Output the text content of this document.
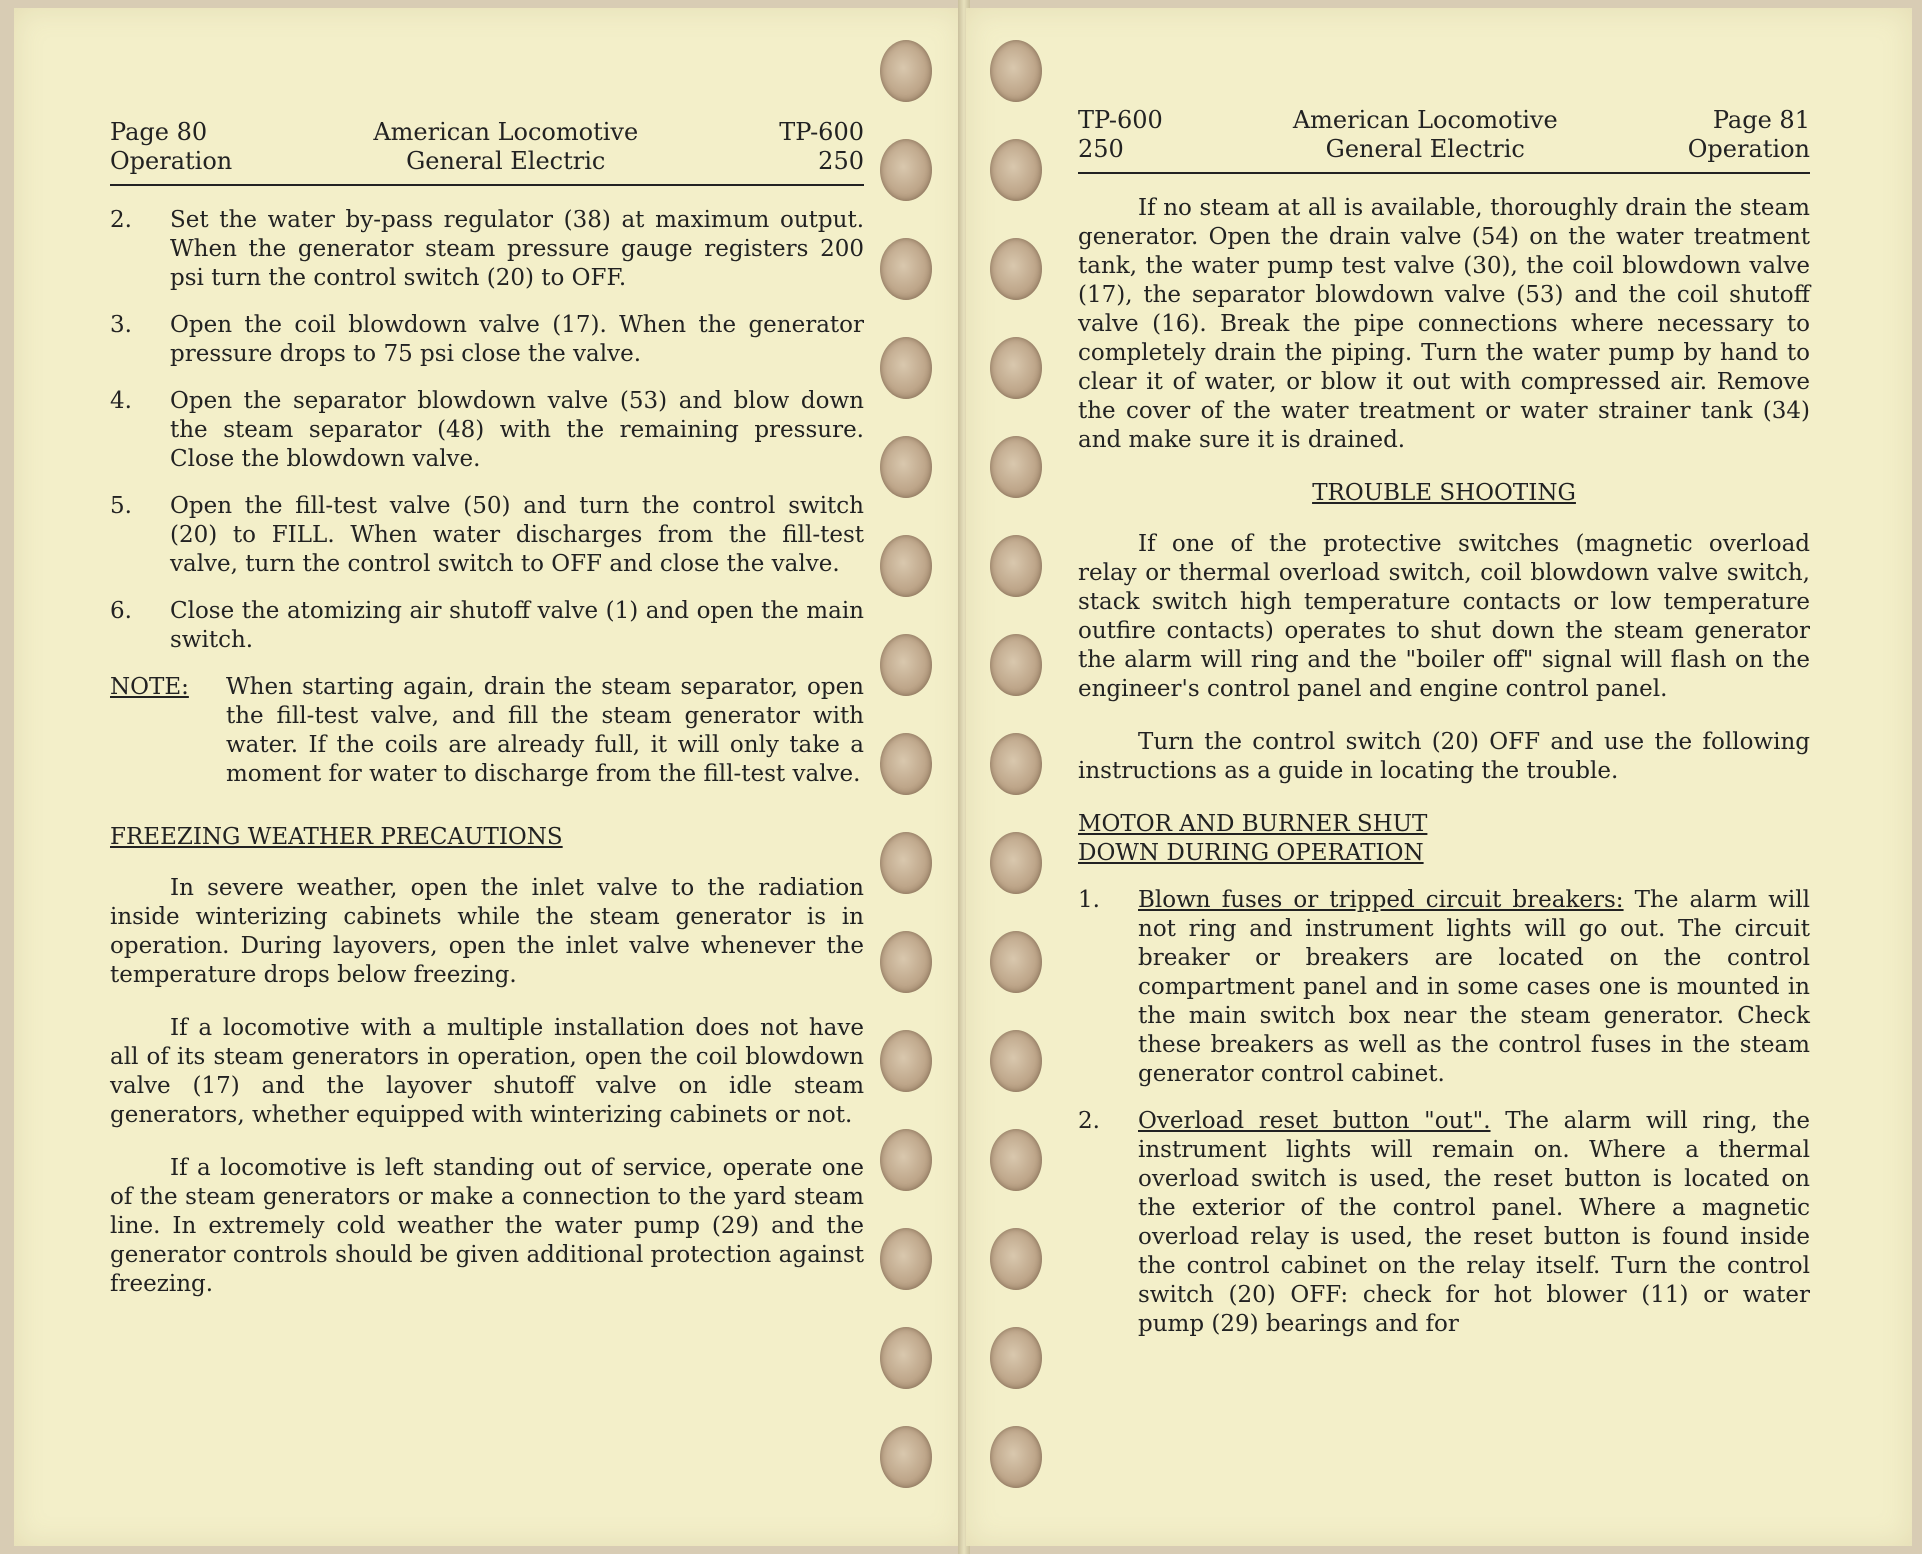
Page 80
Operation
American Locomotive
General Electric
TP-600
250
2.	Set the water by-pass regulator (38) at maximum output. When the generator steam pressure gauge registers 200 psi turn the control switch (20) to OFF.
3.	Open the coil blowdown valve (17). When the generator pressure drops to 75 psi close the valve.
4.	Open the separator blowdown valve (53) and blow down the steam separator (48) with the remaining pressure. Close the blowdown valve.
5.	Open the fill-test valve (50) and turn the control switch (20) to FILL. When water discharges from the fill-test valve, turn the control switch to OFF and close the valve.
6.	Close the atomizing air shutoff valve (1) and open the main switch.
NOTE:	When starting again, drain the steam separator, open the fill-test valve, and fill the steam generator with water. If the coils are already full, it will only take a moment for water to discharge from the fill-test valve.
FREEZING WEATHER PRECAUTIONS

In severe weather, open the inlet valve to the radiation inside winterizing cabinets while the steam generator is in operation. During layovers, open the inlet valve whenever the temperature drops below freezing.

If a locomotive with a multiple installation does not have all of its steam generators in operation, open the coil blowdown valve (17) and the layover shutoff valve on idle steam generators, whether equipped with winterizing cabinets or not.

If a locomotive is left standing out of service, operate one of the steam generators or make a connection to the yard steam line. In extremely cold weather the water pump (29) and the generator controls should be given additional protection against freezing.

TP-600
250
American Locomotive
General Electric
Page 81
Operation

If no steam at all is available, thoroughly drain the steam generator. Open the drain valve (54) on the water treatment tank, the water pump test valve (30), the coil blowdown valve (17), the separator blowdown valve (53) and the coil shutoff valve (16). Break the pipe connections where necessary to completely drain the piping. Turn the water pump by hand to clear it of water, or blow it out with compressed air. Remove the cover of the water treatment or water strainer tank (34) and make sure it is drained.

TROUBLE SHOOTING

If one of the protective switches (magnetic overload relay or thermal overload switch, coil blowdown valve switch, stack switch high temperature contacts or low temperature outfire contacts) operates to shut down the steam generator the alarm will ring and the "boiler off" signal will flash on the engineer's control panel and engine control panel.

Turn the control switch (20) OFF and use the following instructions as a guide in locating the trouble.

MOTOR AND BURNER SHUT
DOWN DURING OPERATION
1.	Blown fuses or tripped circuit breakers: The alarm will not ring and instrument lights will go out. The circuit breaker or breakers are located on the control compartment panel and in some cases one is mounted in the main switch box near the steam generator. Check these breakers as well as the control fuses in the steam generator control cabinet.
2.	Overload reset button "out". The alarm will ring, the instrument lights will remain on. Where a thermal overload switch is used, the reset button is located on the exterior of the control panel. Where a magnetic overload relay is used, the reset button is found inside the control cabinet on the relay itself. Turn the control switch (20) OFF: check for hot blower (11) or water pump (29) bearings and for
